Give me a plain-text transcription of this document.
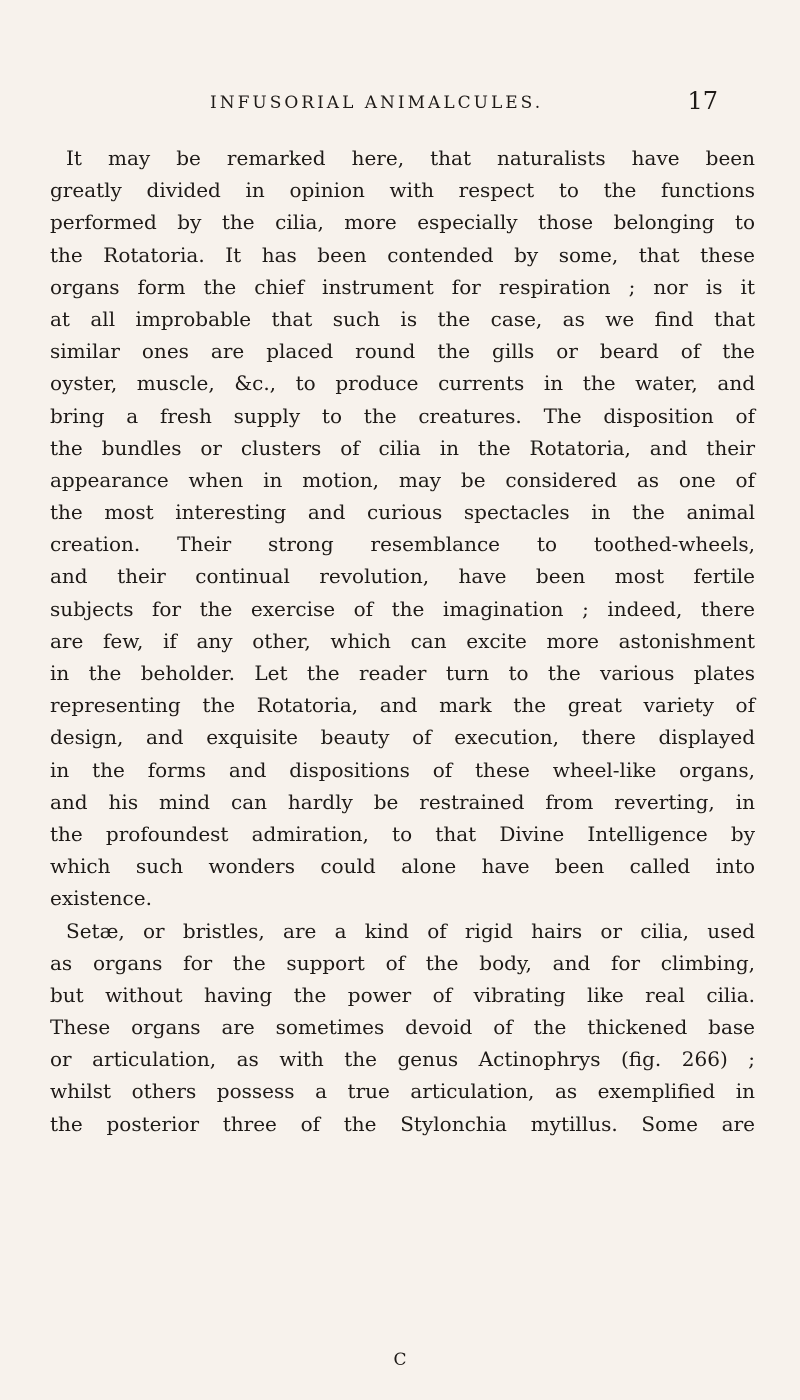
INFUSORIAL ANIMALCULES.	17
It may be remarked here, that naturalists have been
greatly divided in opinion with respect to the functions
performed by the cilia, more especially those belonging to
the Rotatoria. It has been contended by some, that these
organs form the chief instrument for respiration ; nor is it
at all improbable that such is the case, as we find that
similar ones are placed round the gills or beard of the
oyster, muscle, &c., to produce currents in the water, and
bring a fresh supply to the creatures. The disposition of
the bundles or clusters of cilia in the Rotatoria, and their
appearance when in motion, may be considered as one of
the most interesting and curious spectacles in the animal
creation. Their strong resemblance to toothed-wheels,
and their continual revolution, have been most fertile
subjects for the exercise of the imagination ; indeed, there
are few, if any other, which can excite more astonishment
in the beholder. Let the reader turn to the various plates
representing the Rotatoria, and mark the great variety of
design, and exquisite beauty of execution, there displayed
in the forms and dispositions of these wheel-like organs,
and his mind can hardly be restrained from reverting, in
the profoundest admiration, to that Divine Intelligence by
which such wonders could alone have been called into
existence.
Setæ, or bristles, are a kind of rigid hairs or cilia, used
as organs for the support of the body, and for climbing,
but without having the power of vibrating like real cilia.
These organs are sometimes devoid of the thickened base
or articulation, as with the genus Actinophrys (fig. 266) ;
whilst others possess a true articulation, as exemplified in
the posterior three of the Stylonchia mytillus. Some are
C
